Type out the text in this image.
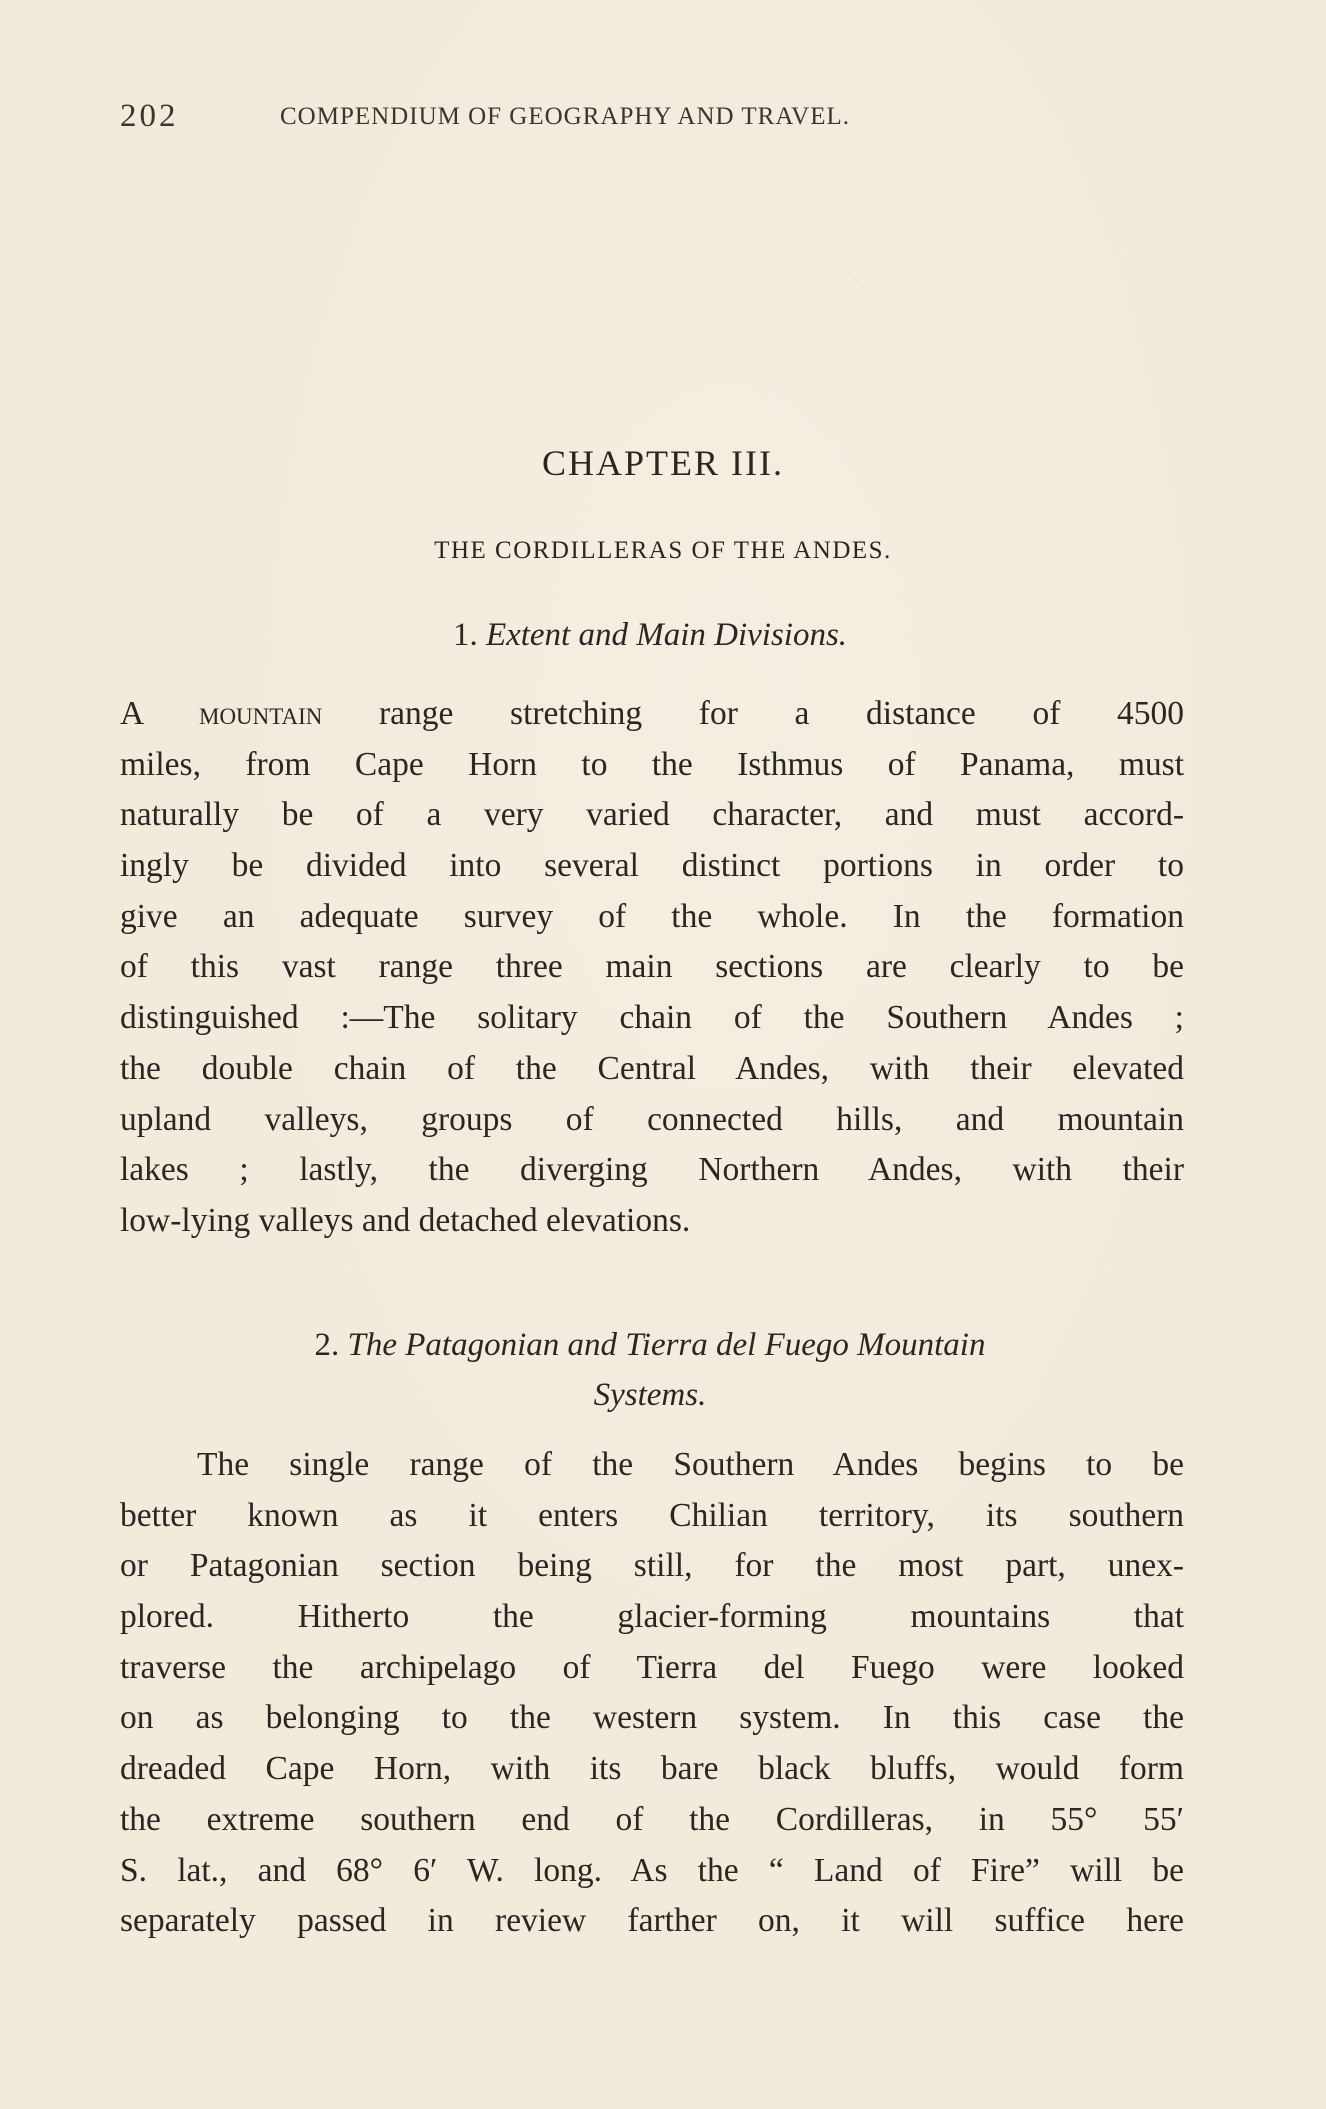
202	COMPENDIUM OF GEOGRAPHY AND TRAVEL.
CHAPTER III.
THE CORDILLERAS OF THE ANDES.
1. Extent and Main Divisions.
A mountain range stretching for a distance of 4500
miles, from Cape Horn to the Isthmus of Panama, must
naturally be of a very varied character, and must accord-
ingly be divided into several distinct portions in order to
give an adequate survey of the whole. In the formation
of this vast range three main sections are clearly to be
distinguished :—The solitary chain of the Southern Andes ;
the double chain of the Central Andes, with their elevated
upland valleys, groups of connected hills, and mountain
lakes ; lastly, the diverging Northern Andes, with their
low-lying valleys and detached elevations.
2. The Patagonian and Tierra del Fuego Mountain
Systems.
The single range of the Southern Andes begins to be
better known as it enters Chilian territory, its southern
or Patagonian section being still, for the most part, unex-
plored. Hitherto the glacier-forming mountains that
traverse the archipelago of Tierra del Fuego were looked
on as belonging to the western system. In this case the
dreaded Cape Horn, with its bare black bluffs, would form
the extreme southern end of the Cordilleras, in 55° 55′
S. lat., and 68° 6′ W. long. As the “ Land of Fire” will be
separately passed in review farther on, it will suffice here
